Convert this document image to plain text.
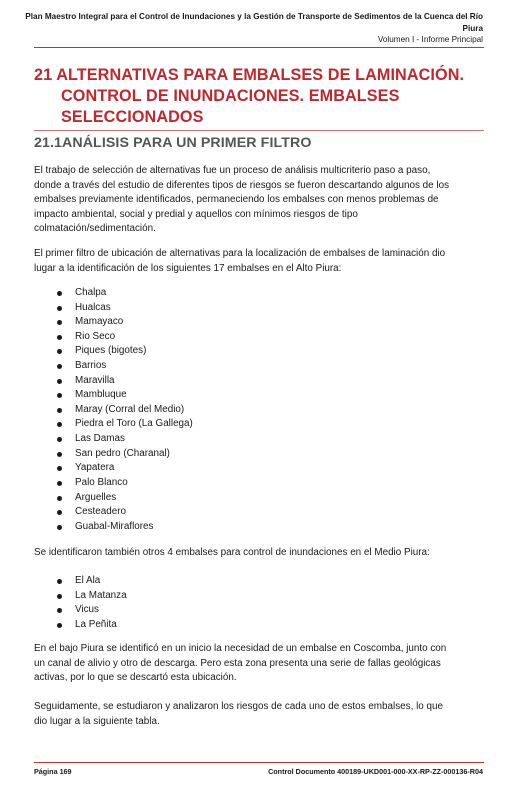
Plan Maestro Integral para el Control de Inundaciones y la Gestión de Transporte de Sedimentos de la Cuenca del Río Piura
Volumen I - Informe Principal
21 ALTERNATIVAS PARA EMBALSES DE LAMINACIÓN.
CONTROL DE INUNDACIONES. EMBALSES
SELECCIONADOS
21.1ANÁLISIS PARA UN PRIMER FILTRO
El trabajo de selección de alternativas fue un proceso de análisis multicriterio paso a paso,
donde a través del estudio de diferentes tipos de riesgos se fueron descartando algunos de los
embalses previamente identificados, permaneciendo los embalses con menos problemas de
impacto ambiental, social y predial y aquellos con mínimos riesgos de tipo
colmatación/sedimentación.
El primer filtro de ubicación de alternativas para la localización de embalses de laminación dio
lugar a la identificación de los siguientes 17 embalses en el Alto Piura:
Chalpa
Hualcas
Mamayaco
Rio Seco
Piques (bigotes)
Barrios
Maravilla
Mambluque
Maray (Corral del Medio)
Piedra el Toro (La Gallega)
Las Damas
San pedro (Charanal)
Yapatera
Palo Blanco
Arguelles
Cesteadero
Guabal-Miraflores
Se identificaron también otros 4 embalses para control de inundaciones en el Medio Piura:
El Ala
La Matanza
Vicus
La Peñita
En el bajo Piura se identificó en un inicio la necesidad de un embalse en Coscomba, junto con
un canal de alivio y otro de descarga. Pero esta zona presenta una serie de fallas geológicas
activas, por lo que se descartó esta ubicación.
Seguidamente, se estudiaron y analizaron los riesgos de cada uno de estos embalses, lo que
dio lugar a la siguiente tabla.
Página 169	Control Documento 400189-UKD001-000-XX-RP-ZZ-000136-R04
